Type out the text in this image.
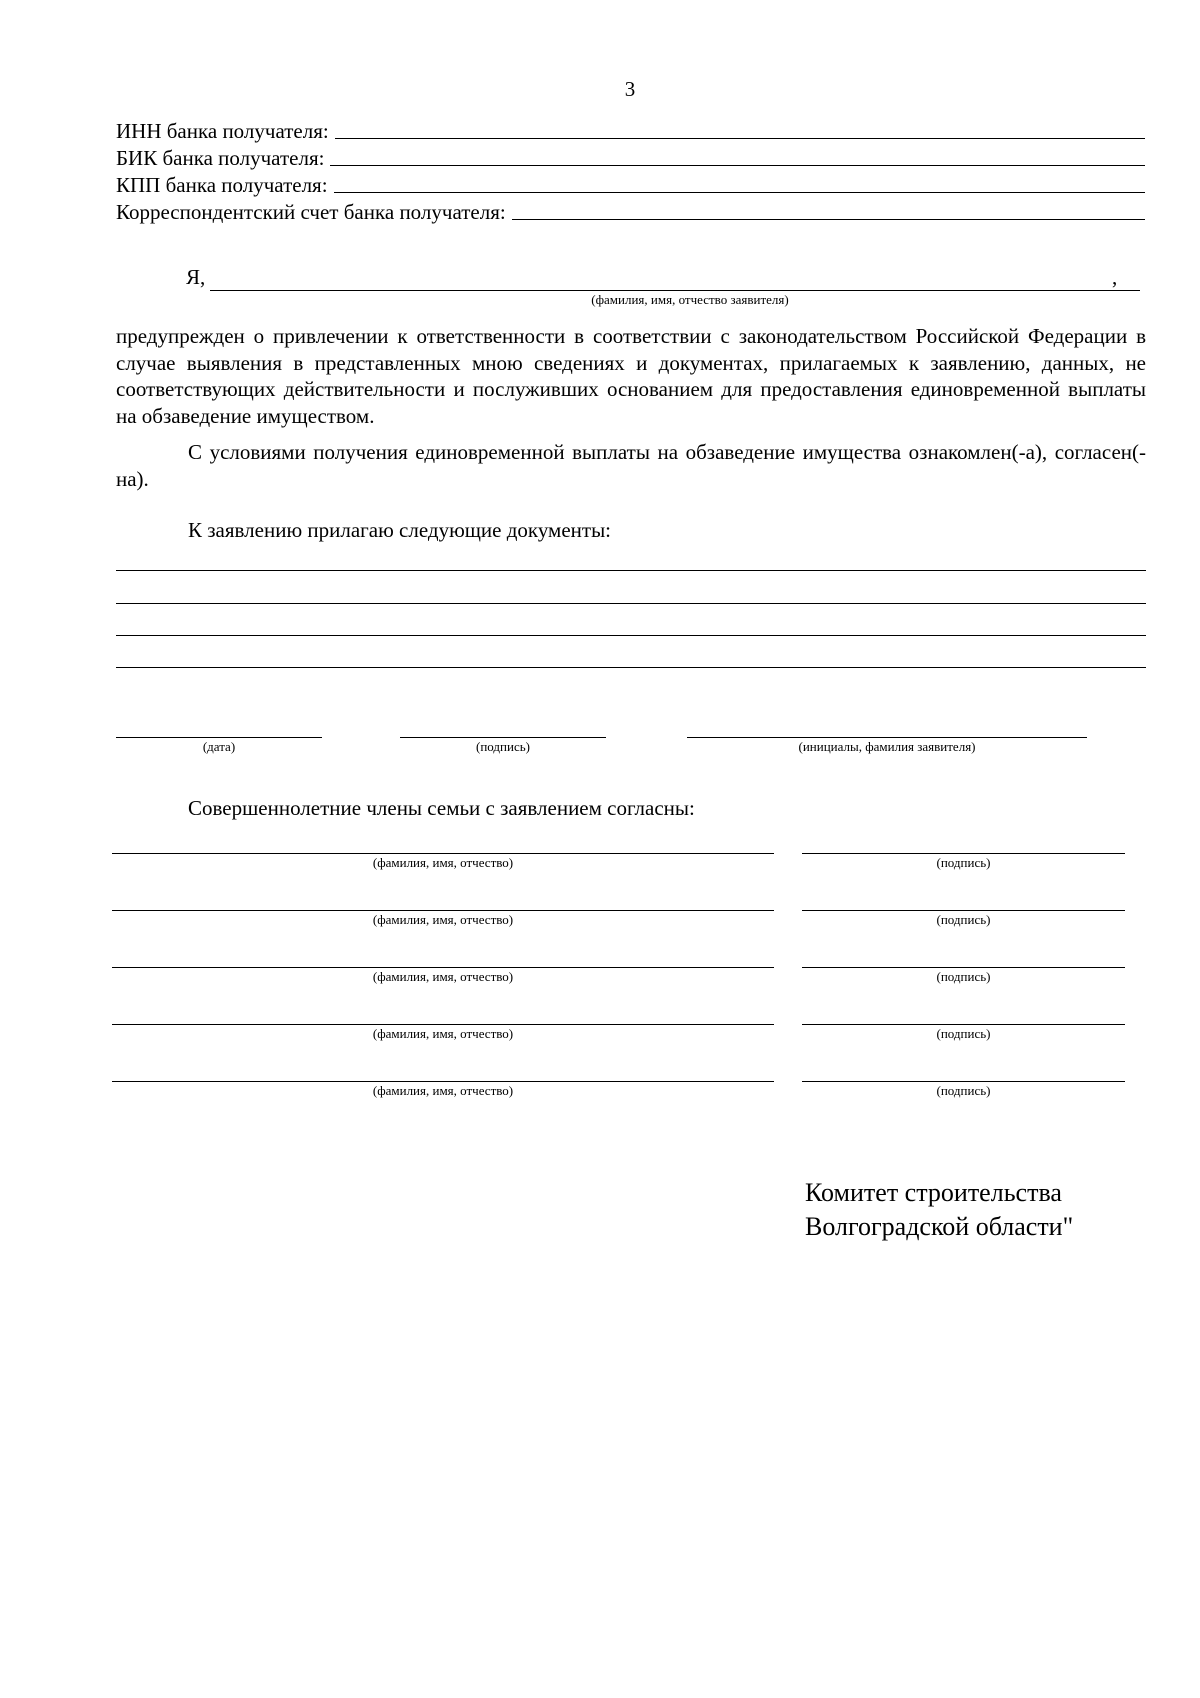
3
ИНН банка получателя:
БИК банка получателя:
КПП банка получателя:
Корреспондентский счет банка получателя:
Я,	,
(фамилия, имя, отчество заявителя)
предупрежден о привлечении к ответственности в соответствии с законодательством Российской Федерации в случае выявления в представленных мною сведениях и документах, прилагаемых к заявлению, данных, не соответствующих действительности и послуживших основанием для предоставления единовременной выплаты на обзаведение имуществом.
С условиями получения единовременной выплаты на обзаведение имущества ознакомлен(-а), согласен(-на).
К заявлению прилагаю следующие документы:
(дата)	(подпись)	(инициалы, фамилия заявителя)
Совершеннолетние члены семьи с заявлением согласны:
(фамилия, имя, отчество)	(подпись)
(фамилия, имя, отчество)	(подпись)
(фамилия, имя, отчество)	(подпись)
(фамилия, имя, отчество)	(подпись)
(фамилия, имя, отчество)	(подпись)
Комитет строительства
Волгоградской области"
